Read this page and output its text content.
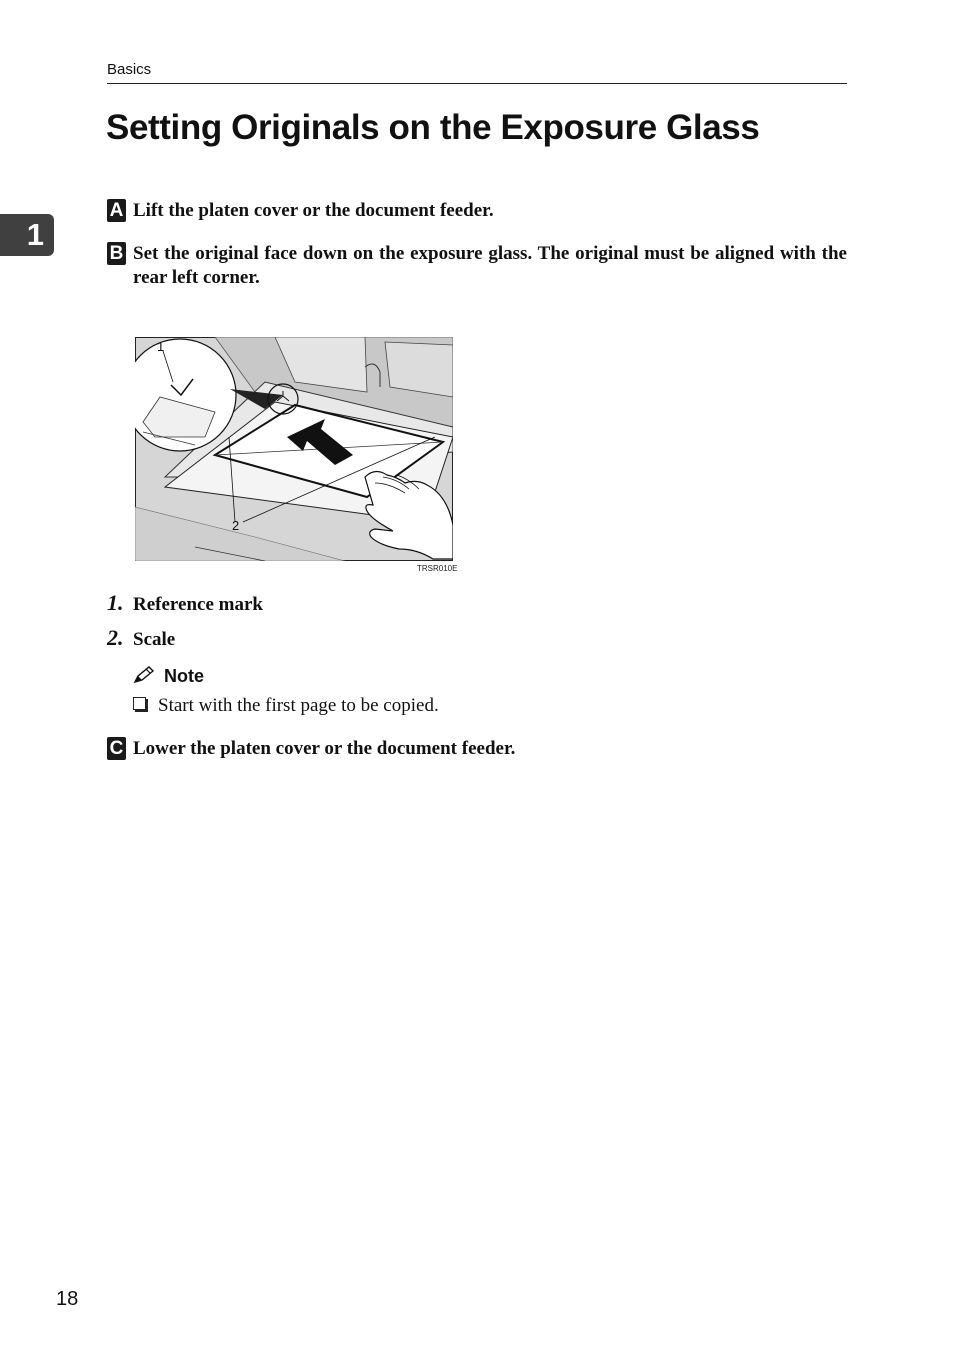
Basics
Setting Originals on the Exposure Glass
1
A Lift the platen cover or the document feeder.
B Set the original face down on the exposure glass. The original must be aligned with the rear left corner.
1
2
TRSR010E
1. Reference mark
2. Scale
Note
Start with the first page to be copied.
C Lower the platen cover or the document feeder.
18
